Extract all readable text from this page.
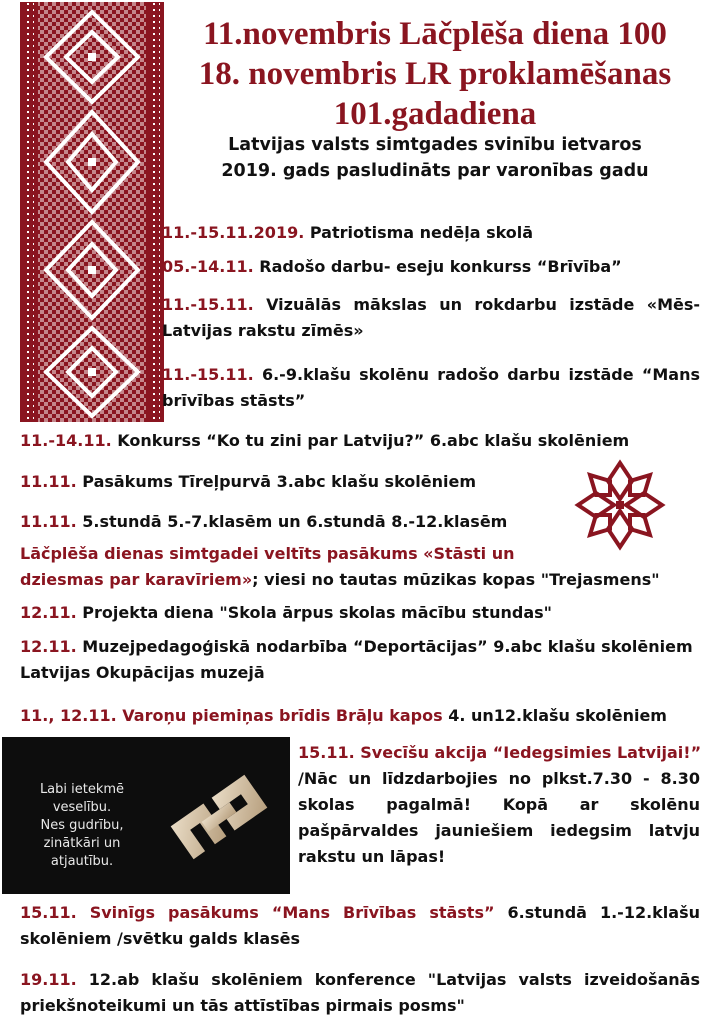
11.novembris Lāčplēša diena 100
18. novembris LR proklamēšanas
101.gadadiena
Latvijas valsts simtgades svinību ietvaros
2019. gads pasludināts par varonības gadu
11.-15.11.2019. Patriotisma nedēļa skolā
05.-14.11. Radošo darbu- eseju konkurss “Brīvība”
11.-15.11. Vizuālās mākslas un rokdarbu izstāde «Mēs-
Latvijas rakstu zīmēs»
11.-15.11. 6.-9.klašu skolēnu radošo darbu izstāde “Mans
brīvības stāsts”
11.-14.11. Konkurss “Ko tu zini par Latviju?” 6.abc klašu skolēniem
11.11. Pasākums Tīreļpurvā 3.abc klašu skolēniem
11.11. 5.stundā 5.-7.klasēm un 6.stundā 8.-12.klasēm
Lāčplēša dienas simtgadei veltīts pasākums «Stāsti un
dziesmas par karavīriem»; viesi no tautas mūzikas kopas "Trejasmens"
12.11. Projekta diena "Skola ārpus skolas mācību stundas"
12.11. Muzejpedagoģiskā nodarbība “Deportācijas” 9.abc klašu skolēniem
Latvijas Okupācijas muzejā
11., 12.11. Varoņu piemiņas brīdis Brāļu kapos 4. un12.klašu skolēniem
Labi ietekmē veselību.
Nes gudrību,
zinātkāri un atjautību.
15.11. Svecīšu akcija “Iedegsimies Latvijai!”
/Nāc un līdzdarbojies no plkst.7.30 - 8.30
skolas pagalmā! Kopā ar skolēnu
pašpārvaldes jauniešiem iedegsim latvju
rakstu un lāpas!
15.11. Svinīgs pasākums “Mans Brīvības stāsts” 6.stundā 1.-12.klašu
skolēniem /svētku galds klasēs
19.11. 12.ab klašu skolēniem konference "Latvijas valsts izveidošanās
priekšnoteikumi un tās attīstības pirmais posms"
